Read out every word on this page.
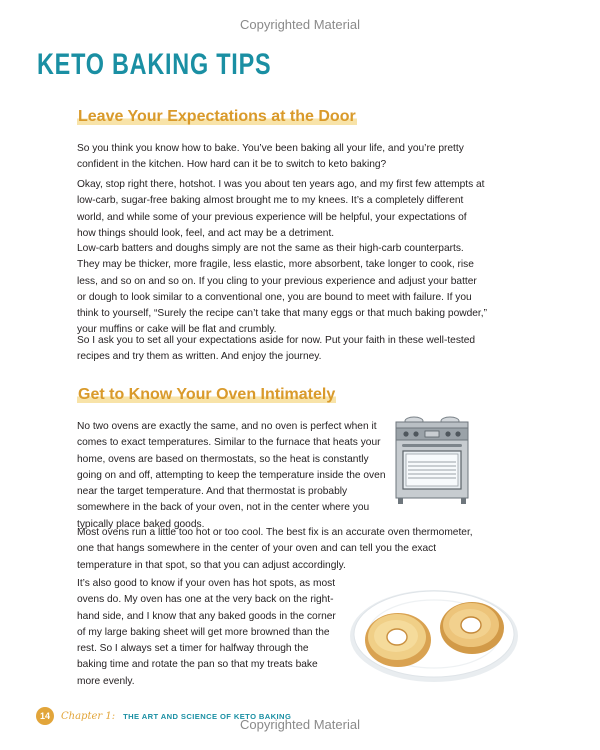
Copyrighted Material
KETO BAKING TIPS
Leave Your Expectations at the Door

So you think you know how to bake. You’ve been baking all your life, and you’re pretty confident in the kitchen. How hard can it be to switch to keto baking?

Okay, stop right there, hotshot. I was you about ten years ago, and my first few attempts at low-carb, sugar-free baking almost brought me to my knees. It’s a completely different world, and while some of your previous experience will be helpful, your expectations of how things should look, feel, and act may be a detriment.

Low-carb batters and doughs simply are not the same as their high-carb counterparts. They may be thicker, more fragile, less elastic, more absorbent, take longer to cook, rise less, and so on and so on. If you cling to your previous experience and adjust your batter or dough to look similar to a conventional one, you are bound to meet with failure. If you think to yourself, “Surely the recipe can’t take that many eggs or that much baking powder,” your muffins or cake will be flat and crumbly.

So I ask you to set all your expectations aside for now. Put your faith in these well-tested recipes and try them as written. And enjoy the journey.

Get to Know Your Oven Intimately

No two ovens are exactly the same, and no oven is perfect when it comes to exact temperatures. Similar to the furnace that heats your home, ovens are based on thermostats, so the heat is constantly going on and off, attempting to keep the temperature inside the oven near the target temperature. And that thermostat is probably somewhere in the back of your oven, not in the center where you typically place baked goods.

Most ovens run a little too hot or too cool. The best fix is an accurate oven thermometer, one that hangs somewhere in the center of your oven and can tell you the exact temperature in that spot, so that you can adjust accordingly.

It’s also good to know if your oven has hot spots, as most ovens do. My oven has one at the very back on the right-hand side, and I know that any baked goods in the corner of my large baking sheet will get more browned than the rest. So I always set a timer for halfway through the baking time and rotate the pan so that my treats bake more evenly.

14	Chapter 1: THE ART AND SCIENCE OF KETO BAKING
Copyrighted Material
